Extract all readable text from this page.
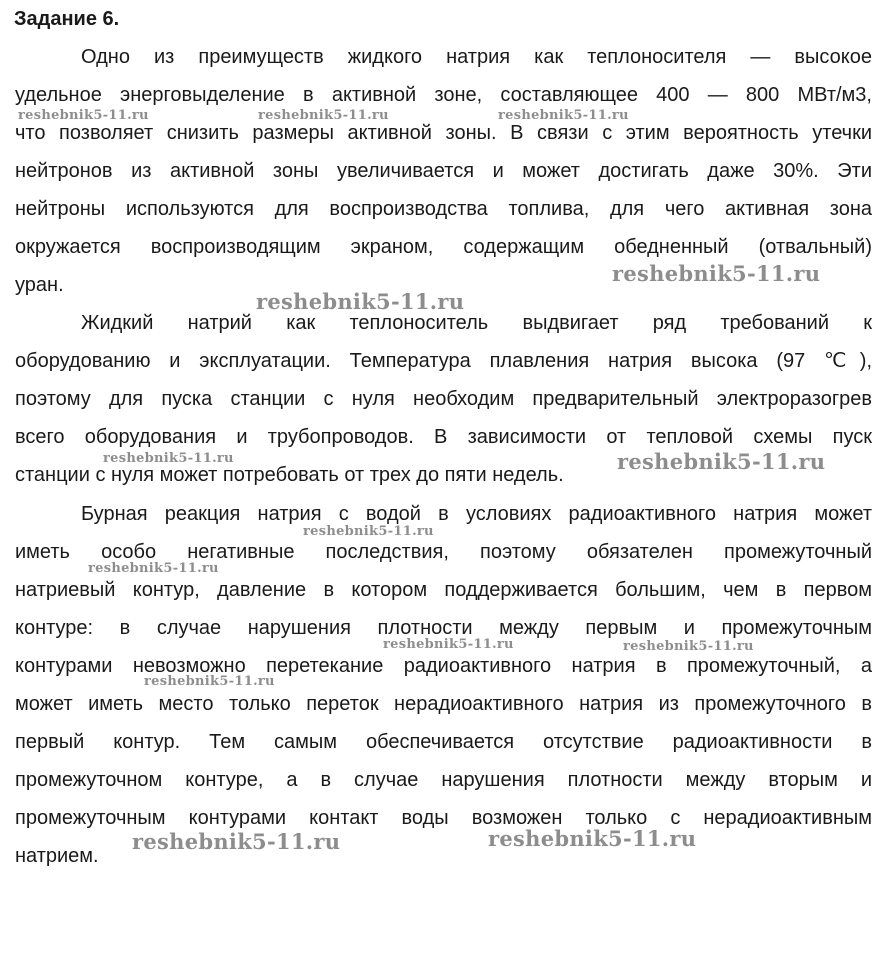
Задание 6.
Одно из преимуществ жидкого натрия как теплоносителя — высокое
удельное энерговыделение в активной зоне, составляющее 400 — 800 МВт/м3,
что позволяет снизить размеры активной зоны. В связи с этим вероятность утечки
нейтронов из активной зоны увеличивается и может достигать даже 30%. Эти
нейтроны используются для воспроизводства топлива, для чего активная зона
окружается воспроизводящим экраном, содержащим обедненный (отвальный)
уран.
Жидкий натрий как теплоноситель выдвигает ряд требований к
оборудованию и эксплуатации. Температура плавления натрия высока (97 ℃),
поэтому для пуска станции с нуля необходим предварительный электроразогрев
всего оборудования и трубопроводов. В зависимости от тепловой схемы пуск
станции с нуля может потребовать от трех до пяти недель.
Бурная реакция натрия с водой в условиях радиоактивного натрия может
иметь особо негативные последствия, поэтому обязателен промежуточный
натриевый контур, давление в котором поддерживается большим, чем в первом
контуре: в случае нарушения плотности между первым и промежуточным
контурами невозможно перетекание радиоактивного натрия в промежуточный, а
может иметь место только переток нерадиоактивного натрия из промежуточного в
первый контур. Тем самым обеспечивается отсутствие радиоактивности в
промежуточном контуре, а в случае нарушения плотности между вторым и
промежуточным контурами контакт воды возможен только с нерадиоактивным
натрием.
reshebnik5-11.ru	reshebnik5-11.ru	reshebnik5-11.ru
reshebnik5-11.ru
reshebnik5-11.ru
reshebnik5-11.ru	reshebnik5-11.ru
reshebnik5-11.ru
reshebnik5-11.ru
reshebnik5-11.ru	reshebnik5-11.ru
reshebnik5-11.ru
reshebnik5-11.ru	reshebnik5-11.ru
